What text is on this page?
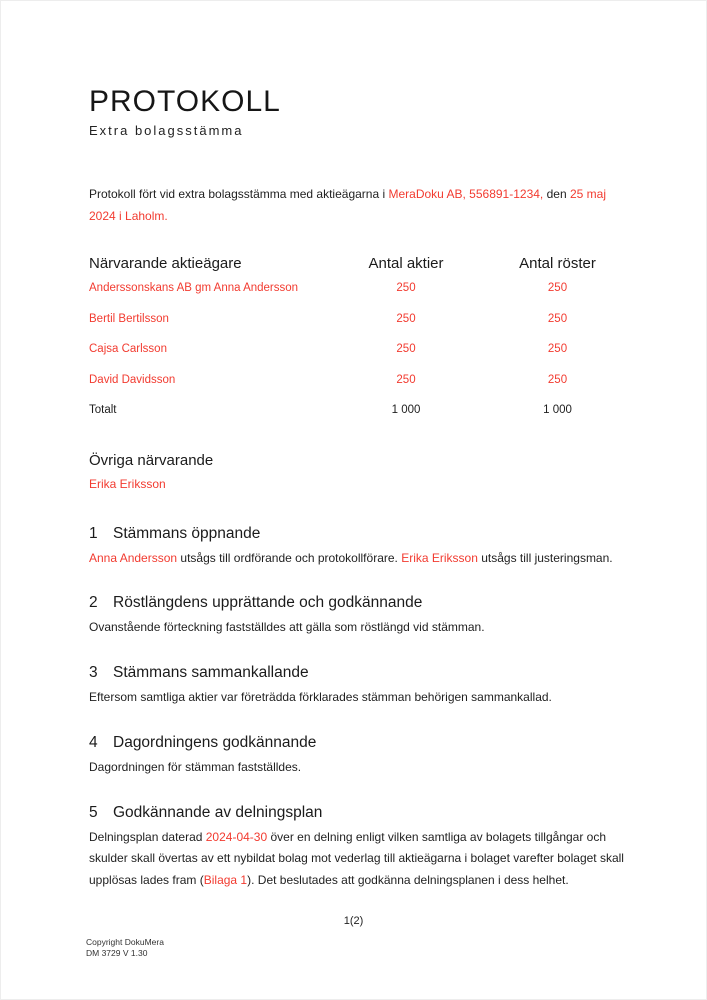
PROTOKOLL
Extra bolagsstämma

Protokoll fört vid extra bolagsstämma med aktieägarna i MeraDoku AB, 556891-1234, den 25 maj 2024 i Laholm.

Närvarande aktieägare	Antal aktier	Antal röster
Anderssonskans AB gm Anna Andersson	250	250
Bertil Bertilsson	250	250
Cajsa Carlsson	250	250
David Davidsson	250	250
Totalt	1 000	1 000
Övriga närvarande
Erika Eriksson
1 Stämmans öppnande

Anna Andersson utsågs till ordförande och protokollförare. Erika Eriksson utsågs till justeringsman.

2 Röstlängdens upprättande och godkännande

Ovanstående förteckning fastställdes att gälla som röstlängd vid stämman.

3 Stämmans sammankallande

Eftersom samtliga aktier var företrädda förklarades stämman behörigen sammankallad.

4 Dagordningens godkännande

Dagordningen för stämman fastställdes.

5 Godkännande av delningsplan

Delningsplan daterad 2024-04-30 över en delning enligt vilken samtliga av bolagets tillgångar och skulder skall övertas av ett nybildat bolag mot vederlag till aktieägarna i bolaget varefter bolaget skall upplösas lades fram (Bilaga 1). Det beslutades att godkänna delningsplanen i dess helhet.

1(2)
Copyright DokuMera
DM 3729 V 1.30
